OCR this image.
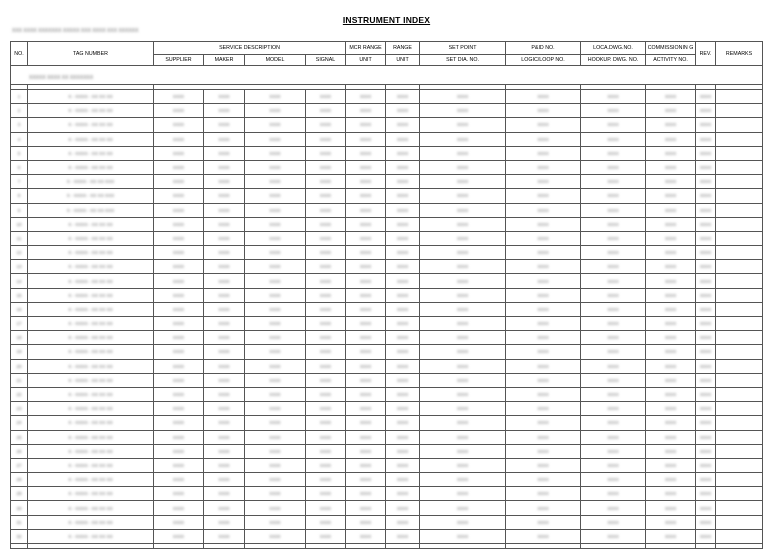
INSTRUMENT INDEX
XXX XXXX XXXXXXX XXXXX XXX XXXX XXX XXXXXX
NO.	TAG NUMBER	SERVICE DESCRIPTION				MCR RANGE	RANGE	SET POINT	P&ID NO.	LOCA.DWG.NO.	COMMISSIONIN G	REV.	REMARKS
		SUPPLIER	MAKER	MODEL	SIGNAL	UNIT	UNIT	SET DIA. NO.	LOGIC/LOOP NO.	HOOKUP. DWG. NO.	ACTIVITY NO.		
XXXXX XXXX XX XXXXXXX													

1	X - XXXX - XX XX XX	XXXX	XXXX	XXXX	XXXX	XXXX	XXXX	XXXX	XXXX	XXXX	XXXX	XXXX	
2	X - XXXX - XX XX XX	XXXX	XXXX	XXXX	XXXX	XXXX	XXXX	XXXX	XXXX	XXXX	XXXX	XXXX	
3	X - XXXX - XX XX XX	XXXX	XXXX	XXXX	XXXX	XXXX	XXXX	XXXX	XXXX	XXXX	XXXX	XXXX	
4	X - XXXX - XX XX XX	XXXX	XXXX	XXXX	XXXX	XXXX	XXXX	XXXX	XXXX	XXXX	XXXX	XXXX	
5	X - XXXX - XX XX XX	XXXX	XXXX	XXXX	XXXX	XXXX	XXXX	XXXX	XXXX	XXXX	XXXX	XXXX	
6	X - XXXX - XX XX XX	XXXX	XXXX	XXXX	XXXX	XXXX	XXXX	XXXX	XXXX	XXXX	XXXX	XXXX	
7	X - XXXX - XX XX XXX	XXXX	XXXX	XXXX	XXXX	XXXX	XXXX	XXXX	XXXX	XXXX	XXXX	XXXX	
8	X - XXXX - XX XX XXX	XXXX	XXXX	XXXX	XXXX	XXXX	XXXX	XXXX	XXXX	XXXX	XXXX	XXXX	
9	X - XXXX - XX XX XXX	XXXX	XXXX	XXXX	XXXX	XXXX	XXXX	XXXX	XXXX	XXXX	XXXX	XXXX	
10	X - XXXX - XX XX XX	XXXX	XXXX	XXXX	XXXX	XXXX	XXXX	XXXX	XXXX	XXXX	XXXX	XXXX	
11	X - XXXX - XX XX XX	XXXX	XXXX	XXXX	XXXX	XXXX	XXXX	XXXX	XXXX	XXXX	XXXX	XXXX	
12	X - XXXX - XX XX XX	XXXX	XXXX	XXXX	XXXX	XXXX	XXXX	XXXX	XXXX	XXXX	XXXX	XXXX	
13	X - XXXX - XX XX XX	XXXX	XXXX	XXXX	XXXX	XXXX	XXXX	XXXX	XXXX	XXXX	XXXX	XXXX	
14	X - XXXX - XX XX XX	XXXX	XXXX	XXXX	XXXX	XXXX	XXXX	XXXX	XXXX	XXXX	XXXX	XXXX	
15	X - XXXX - XX XX XX	XXXX	XXXX	XXXX	XXXX	XXXX	XXXX	XXXX	XXXX	XXXX	XXXX	XXXX	
16	X - XXXX - XX XX XX	XXXX	XXXX	XXXX	XXXX	XXXX	XXXX	XXXX	XXXX	XXXX	XXXX	XXXX	
17	X - XXXX - XX XX XX	XXXX	XXXX	XXXX	XXXX	XXXX	XXXX	XXXX	XXXX	XXXX	XXXX	XXXX	
18	X - XXXX - XX XX XX	XXXX	XXXX	XXXX	XXXX	XXXX	XXXX	XXXX	XXXX	XXXX	XXXX	XXXX	
19	X - XXXX - XX XX XX	XXXX	XXXX	XXXX	XXXX	XXXX	XXXX	XXXX	XXXX	XXXX	XXXX	XXXX	
20	X - XXXX - XX XX XX	XXXX	XXXX	XXXX	XXXX	XXXX	XXXX	XXXX	XXXX	XXXX	XXXX	XXXX	
21	X - XXXX - XX XX XX	XXXX	XXXX	XXXX	XXXX	XXXX	XXXX	XXXX	XXXX	XXXX	XXXX	XXXX	
22	X - XXXX - XX XX XX	XXXX	XXXX	XXXX	XXXX	XXXX	XXXX	XXXX	XXXX	XXXX	XXXX	XXXX	
23	X - XXXX - XX XX XX	XXXX	XXXX	XXXX	XXXX	XXXX	XXXX	XXXX	XXXX	XXXX	XXXX	XXXX	
24	X - XXXX - XX XX XX	XXXX	XXXX	XXXX	XXXX	XXXX	XXXX	XXXX	XXXX	XXXX	XXXX	XXXX	
25	X - XXXX - XX XX XX	XXXX	XXXX	XXXX	XXXX	XXXX	XXXX	XXXX	XXXX	XXXX	XXXX	XXXX	
26	X - XXXX - XX XX XX	XXXX	XXXX	XXXX	XXXX	XXXX	XXXX	XXXX	XXXX	XXXX	XXXX	XXXX	
27	X - XXXX - XX XX XX	XXXX	XXXX	XXXX	XXXX	XXXX	XXXX	XXXX	XXXX	XXXX	XXXX	XXXX	
28	X - XXXX - XX XX XX	XXXX	XXXX	XXXX	XXXX	XXXX	XXXX	XXXX	XXXX	XXXX	XXXX	XXXX	
29	X - XXXX - XX XX XX	XXXX	XXXX	XXXX	XXXX	XXXX	XXXX	XXXX	XXXX	XXXX	XXXX	XXXX	
30	X - XXXX - XX XX XX	XXXX	XXXX	XXXX	XXXX	XXXX	XXXX	XXXX	XXXX	XXXX	XXXX	XXXX	
31	X - XXXX - XX XX XX	XXXX	XXXX	XXXX	XXXX	XXXX	XXXX	XXXX	XXXX	XXXX	XXXX	XXXX	
32	X - XXXX - XX XX XX	XXXX	XXXX	XXXX	XXXX	XXXX	XXXX	XXXX	XXXX	XXXX	XXXX	XXXX	
